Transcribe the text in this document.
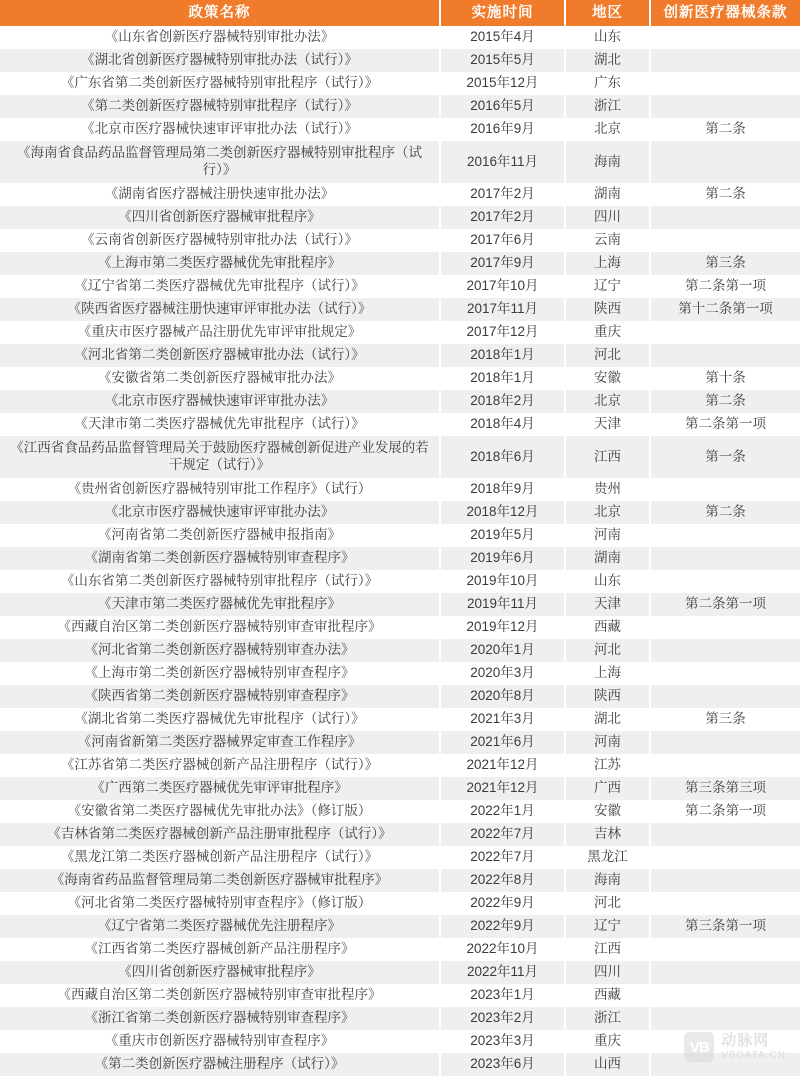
政策名称	实施时间	地区	创新医疗器械条款
《山东省创新医疗器械特别审批办法》	2015年4月	山东	
《湖北省创新医疗器械特别审批办法（试行）》	2015年5月	湖北	
《广东省第二类创新医疗器械特别审批程序（试行）》	2015年12月	广东	
《第二类创新医疗器械特别审批程序（试行）》	2016年5月	浙江	
《北京市医疗器械快速审评审批办法（试行）》	2016年9月	北京	第二条
《海南省食品药品监督管理局第二类创新医疗器械特别审批程序（试行）》	2016年11月	海南	
《湖南省医疗器械注册快速审批办法》	2017年2月	湖南	第二条
《四川省创新医疗器械审批程序》	2017年2月	四川	
《云南省创新医疗器械特别审批办法（试行）》	2017年6月	云南	
《上海市第二类医疗器械优先审批程序》	2017年9月	上海	第三条
《辽宁省第二类医疗器械优先审批程序（试行）》	2017年10月	辽宁	第二条第一项
《陕西省医疗器械注册快速审评审批办法（试行）》	2017年11月	陕西	第十二条第一项
《重庆市医疗器械产品注册优先审评审批规定》	2017年12月	重庆	
《河北省第二类创新医疗器械审批办法（试行）》	2018年1月	河北	
《安徽省第二类创新医疗器械审批办法》	2018年1月	安徽	第十条
《北京市医疗器械快速审评审批办法》	2018年2月	北京	第二条
《天津市第二类医疗器械优先审批程序（试行）》	2018年4月	天津	第二条第一项
《江西省食品药品监督管理局关于鼓励医疗器械创新促进产业发展的若干规定（试行）》	2018年6月	江西	第一条
《贵州省创新医疗器械特别审批工作程序》（试行）	2018年9月	贵州	
《北京市医疗器械快速审评审批办法》	2018年12月	北京	第二条
《河南省第二类创新医疗器械申报指南》	2019年5月	河南	
《湖南省第二类创新医疗器械特别审查程序》	2019年6月	湖南	
《山东省第二类创新医疗器械特别审批程序（试行）》	2019年10月	山东	
《天津市第二类医疗器械优先审批程序》	2019年11月	天津	第二条第一项
《西藏自治区第二类创新医疗器械特别审查审批程序》	2019年12月	西藏	
《河北省第二类创新医疗器械特别审查办法》	2020年1月	河北	
《上海市第二类创新医疗器械特别审查程序》	2020年3月	上海	
《陕西省第二类创新医疗器械特别审查程序》	2020年8月	陕西	
《湖北省第二类医疗器械优先审批程序（试行）》	2021年3月	湖北	第三条
《河南省新第二类医疗器械界定审查工作程序》	2021年6月	河南	
《江苏省第二类医疗器械创新产品注册程序（试行）》	2021年12月	江苏	
《广西第二类医疗器械优先审评审批程序》	2021年12月	广西	第三条第三项
《安徽省第二类医疗器械优先审批办法》（修订版）	2022年1月	安徽	第二条第一项
《吉林省第二类医疗器械创新产品注册审批程序（试行）》	2022年7月	吉林	
《黑龙江第二类医疗器械创新产品注册程序（试行）》	2022年7月	黑龙江	
《海南省药品监督管理局第二类创新医疗器械审批程序》	2022年8月	海南	
《河北省第二类医疗器械特别审查程序》（修订版）	2022年9月	河北	
《辽宁省第二类医疗器械优先注册程序》	2022年9月	辽宁	第三条第一项
《江西省第二类医疗器械创新产品注册程序》	2022年10月	江西	
《四川省创新医疗器械审批程序》	2022年11月	四川	
《西藏自治区第二类创新医疗器械特别审查审批程序》	2023年1月	西藏	
《浙江省第二类创新医疗器械特别审查程序》	2023年2月	浙江	
《重庆市创新医疗器械特别审查程序》	2023年3月	重庆	
《第二类创新医疗器械注册程序（试行）》	2023年6月	山西	
VB 动脉网
VBDATA.CN
